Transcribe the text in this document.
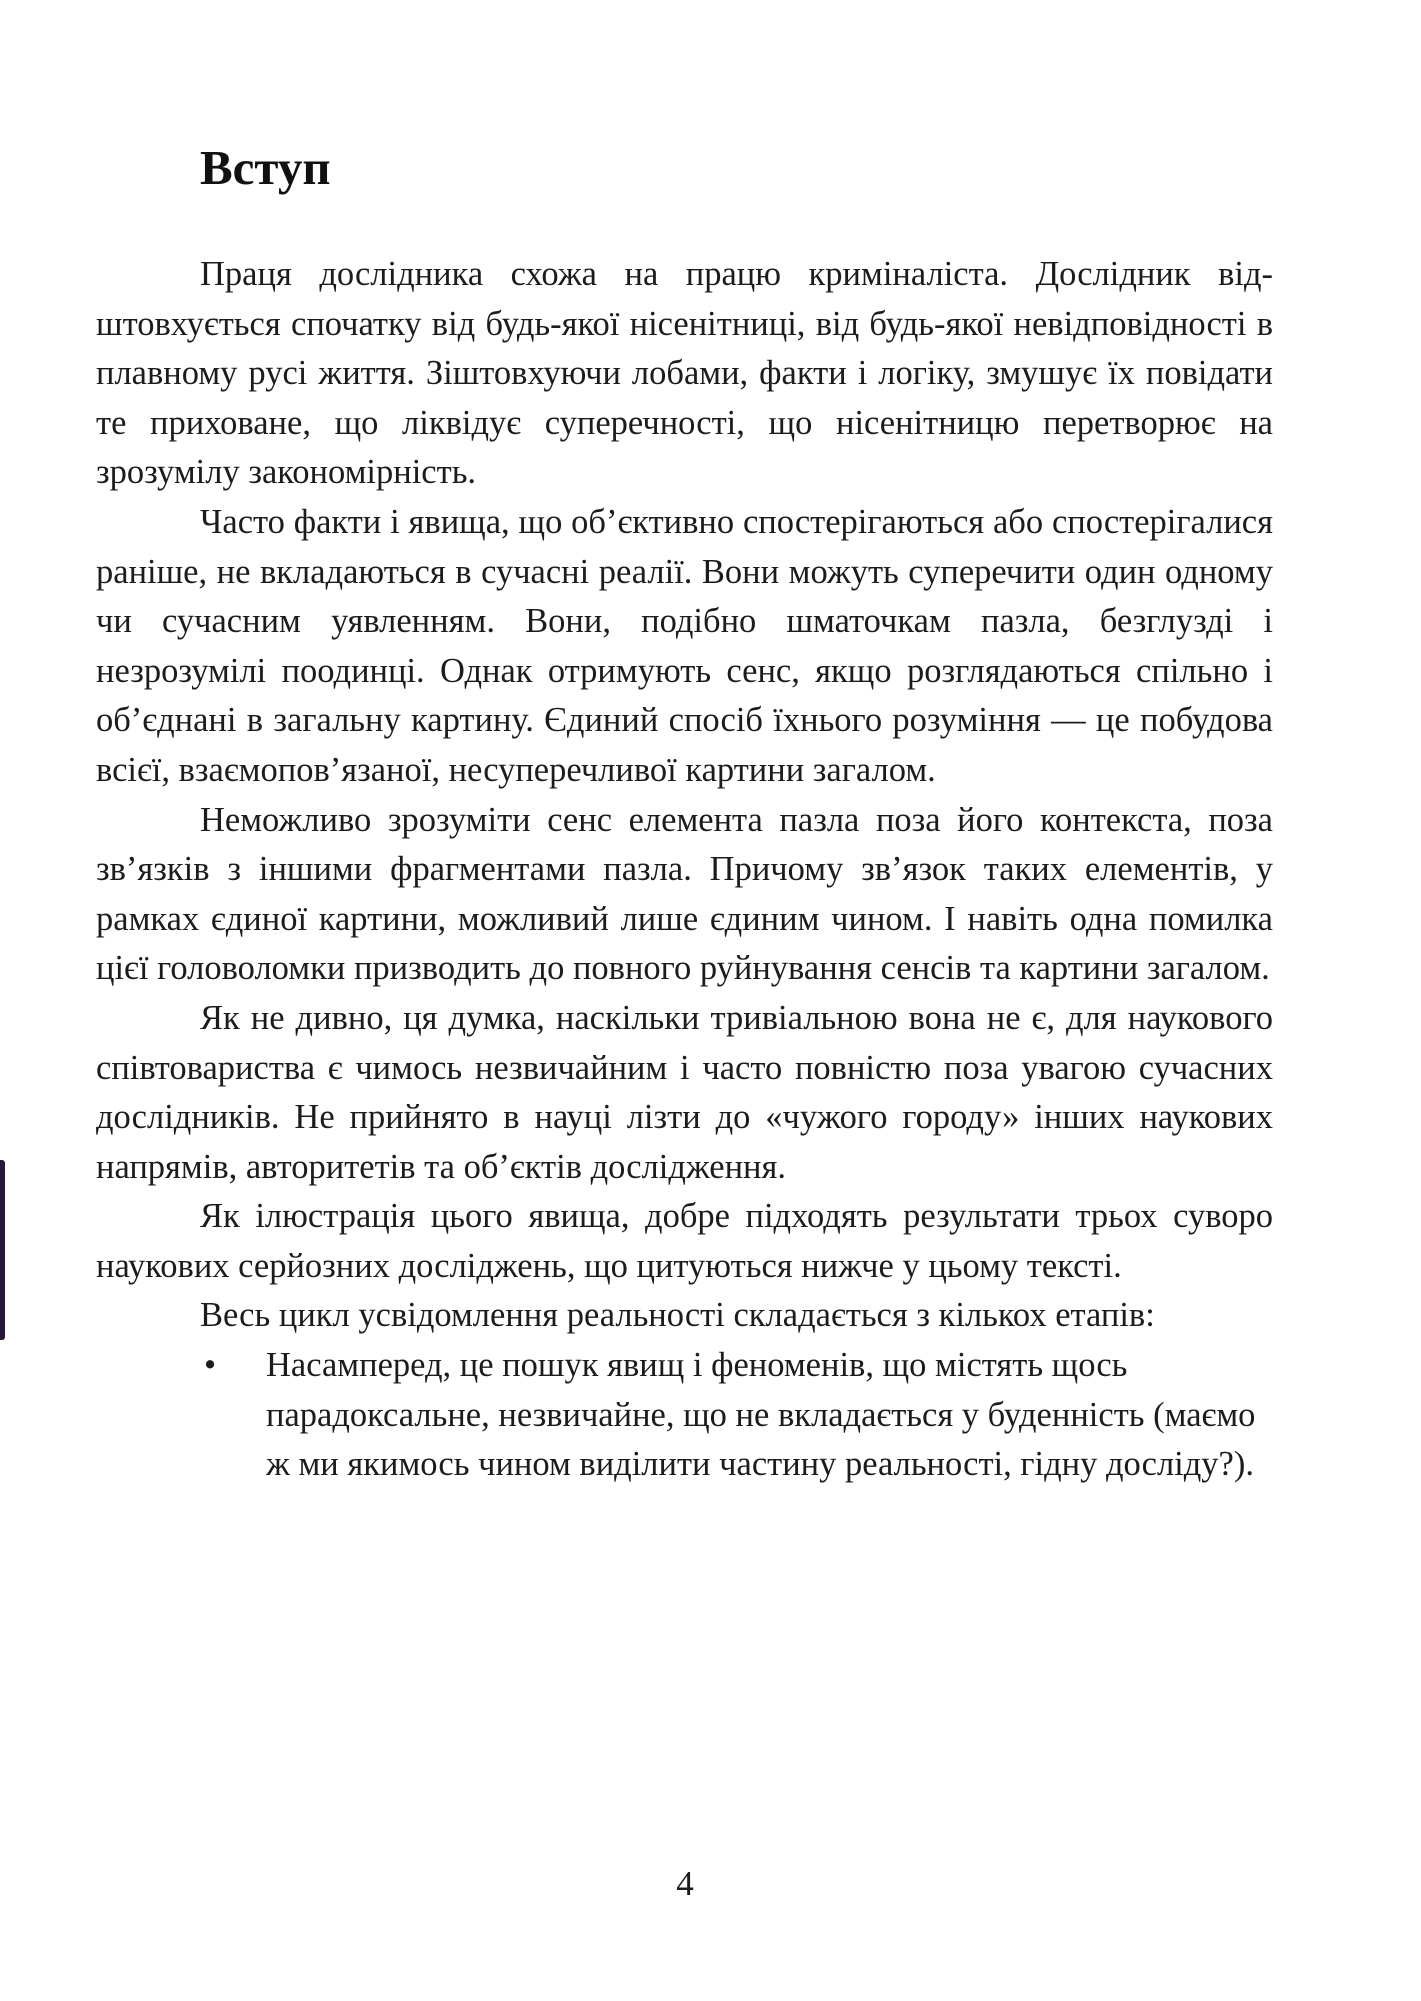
Вступ

Праця дослідника схожа на працю криміналіста. Дослідник відштовхується спочатку від будь-якої нісенітниці, від будь-якої невідповідності в плавному русі життя. Зіштовхуючи лобами, факти і логіку, змушує їх повідати те приховане, що ліквідує суперечності, що нісенітницю перетворює на зрозумілу закономірність.

Часто факти і явища, що об’єктивно спостерігаються або спостерігалися раніше, не вкладаються в сучасні реалії. Вони можуть суперечити один одному чи сучасним уявленням. Вони, подібно шматочкам пазла, безглузді і незрозумілі поодинці. Однак отримують сенс, якщо розглядаються спільно і об’єднані в загальну картину. Єдиний спосіб їхнього розуміння — це побудова всієї, взаємопов’язаної, несуперечливої картини загалом.

Неможливо зрозуміти сенс елемента пазла поза його контекста, поза зв’язків з іншими фрагментами пазла. Причому зв’язок таких елементів, у рамках єдиної картини, можливий лише єдиним чином. І навіть одна помилка цієї головоломки призводить до повного руйнування сенсів та картини загалом.

Як не дивно, ця думка, наскільки тривіальною вона не є, для наукового співтовариства є чимось незвичайним і часто повністю поза увагою сучасних дослідників. Не прийнято в науці лізти до «чужого городу» інших наукових напрямів, авторитетів та об’єктів дослідження.

Як ілюстрація цього явища, добре підходять результати трьох суворо наукових серйозних досліджень, що цитуються нижче у цьому тексті.

Весь цикл усвідомлення реальності складається з кількох етапів:

• Насамперед, це пошук явищ і феноменів, що містять щось парадоксальне, незвичайне, що не вкладається у буденність (маємо ж ми якимось чином виділити частину реальності, гідну досліду?).
4
